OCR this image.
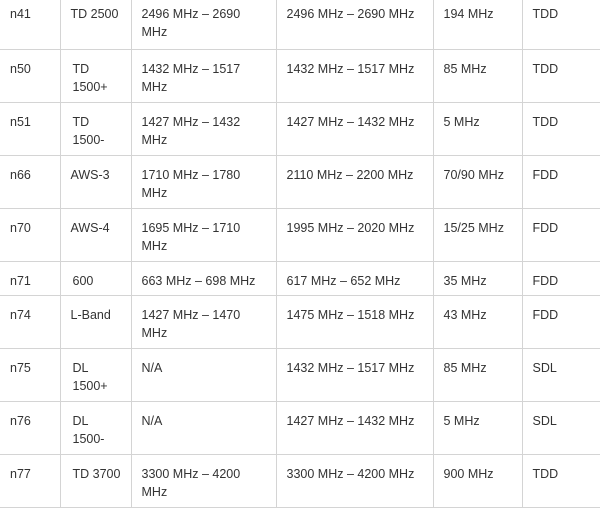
n41	TD 2500	2496 MHz – 2690 MHz	2496 MHz – 2690 MHz	194 MHz	TDD
n50	TD 1500+	1432 MHz – 1517 MHz	1432 MHz – 1517 MHz	85 MHz	TDD
n51	TD 1500-	1427 MHz – 1432 MHz	1427 MHz – 1432 MHz	5 MHz	TDD
n66	AWS-3	1710 MHz – 1780 MHz	2110 MHz – 2200 MHz	70/90 MHz	FDD
n70	AWS-4	1695 MHz – 1710 MHz	1995 MHz – 2020 MHz	15/25 MHz	FDD
n71	600	663 MHz – 698 MHz	617 MHz – 652 MHz	35 MHz	FDD
n74	L-Band	1427 MHz – 1470 MHz	1475 MHz – 1518 MHz	43 MHz	FDD
n75	DL 1500+	N/A	1432 MHz – 1517 MHz	85 MHz	SDL
n76	DL 1500-	N/A	1427 MHz – 1432 MHz	5 MHz	SDL
n77	TD 3700	3300 MHz – 4200 MHz	3300 MHz – 4200 MHz	900 MHz	TDD
